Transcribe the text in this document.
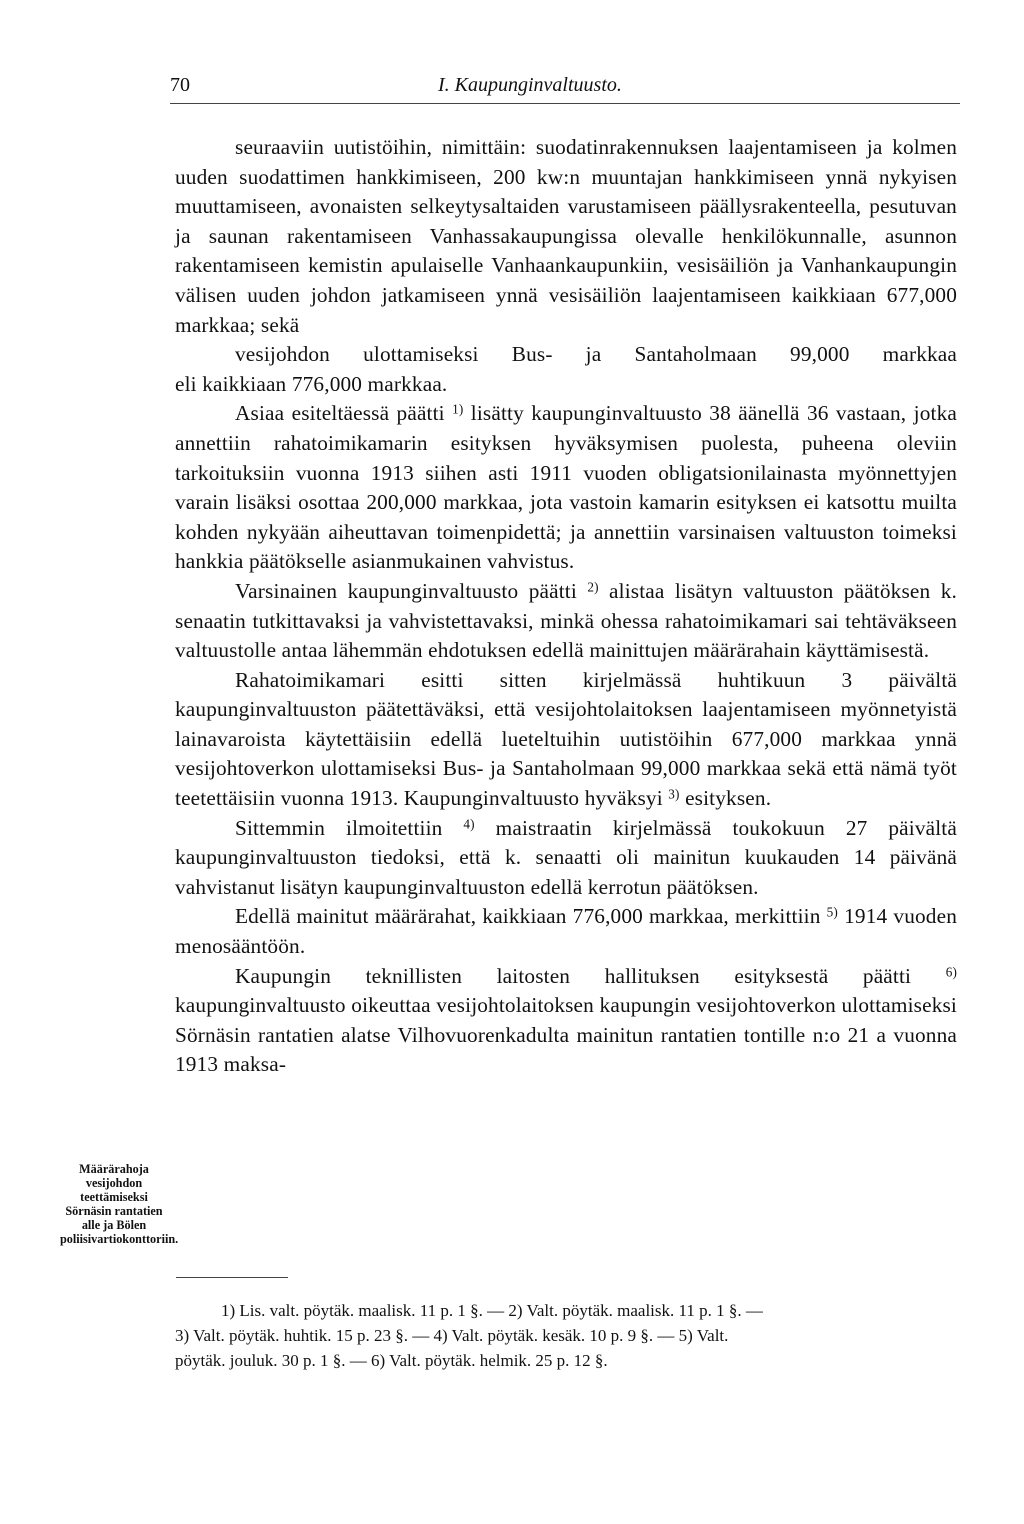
70	I. Kaupunginvaltuusto.

seuraaviin uutistöihin, nimittäin: suodatinrakennuksen laajentamiseen ja kolmen uuden suodattimen hankkimiseen, 200 kw:n muuntajan hankkimiseen ynnä nykyisen muuttamiseen, avonaisten selkeytysaltaiden varustamiseen päällysrakenteella, pesutuvan ja saunan rakentamiseen Vanhassakaupungissa olevalle henkilökunnalle, asunnon rakentamiseen kemistin apulaiselle Vanhaankaupunkiin, vesisäiliön ja Vanhankaupungin välisen uuden johdon jatkamiseen ynnä vesisäiliön laajentamiseen kaikkiaan 677,000 markkaa; sekä

vesijohdon ulottamiseksi Bus- ja Santaholmaan 99,000 markkaa

eli kaikkiaan 776,000 markkaa.

Asiaa esiteltäessä päätti $^{1)}$ lisätty kaupunginvaltuusto 38 äänellä 36 vastaan, jotka annettiin rahatoimikamarin esityksen hyväksymisen puolesta, puheena oleviin tarkoituksiin vuonna 1913 siihen asti 1911 vuoden obligatsionilainasta myönnettyjen varain lisäksi osottaa 200,000 markkaa, jota vastoin kamarin esityksen ei katsottu muilta kohden nykyään aiheuttavan toimenpidettä; ja annettiin varsinaisen valtuuston toimeksi hankkia päätökselle asianmukainen vahvistus.

Varsinainen kaupunginvaltuusto päätti $^{2)}$ alistaa lisätyn valtuuston päätöksen k. senaatin tutkittavaksi ja vahvistettavaksi, minkä ohessa rahatoimikamari sai tehtäväkseen valtuustolle antaa lähemmän ehdotuksen edellä mainittujen määrärahain käyttämisestä.

Rahatoimikamari esitti sitten kirjelmässä huhtikuun 3 päivältä kaupunginvaltuuston päätettäväksi, että vesijohtolaitoksen laajentamiseen myönnetyistä lainavaroista käytettäisiin edellä lueteltuihin uutistöihin 677,000 markkaa ynnä vesijohtoverkon ulottamiseksi Bus- ja Santaholmaan 99,000 markkaa sekä että nämä työt teetettäisiin vuonna 1913. Kaupunginvaltuusto hyväksyi $^{3)}$ esityksen.

Sittemmin ilmoitettiin $^{4)}$ maistraatin kirjelmässä toukokuun 27 päivältä kaupunginvaltuuston tiedoksi, että k. senaatti oli mainitun kuukauden 14 päivänä vahvistanut lisätyn kaupunginvaltuuston edellä kerrotun päätöksen.

Edellä mainitut määrärahat, kaikkiaan 776,000 markkaa, merkittiin $^{5)}$ 1914 vuoden menosääntöön.

Kaupungin teknillisten laitosten hallituksen esityksestä päätti	$^{6)}$ kaupunginvaltuusto oikeuttaa vesijohtolaitoksen kaupungin vesijohtoverkon ulottamiseksi Sörnäsin rantatien alatse Vilhovuorenkadulta mainitun rantatien tontille n:o 21 a vuonna 1913 maksa-

Määrärahoja vesijohdon teettämiseksi Sörnäsin rantatien alle ja Bölen poliisivartiokonttoriin.

1) Lis. valt. pöytäk. maalisk. 11 p. 1 §. — 2) Valt. pöytäk. maalisk. 11 p. 1 §. —

3) Valt. pöytäk. huhtik. 15 p. 23 §. — 4) Valt. pöytäk. kesäk. 10 p. 9 §. — 5) Valt.

pöytäk. jouluk. 30 p. 1 §. — 6) Valt. pöytäk. helmik. 25 p. 12 §.
